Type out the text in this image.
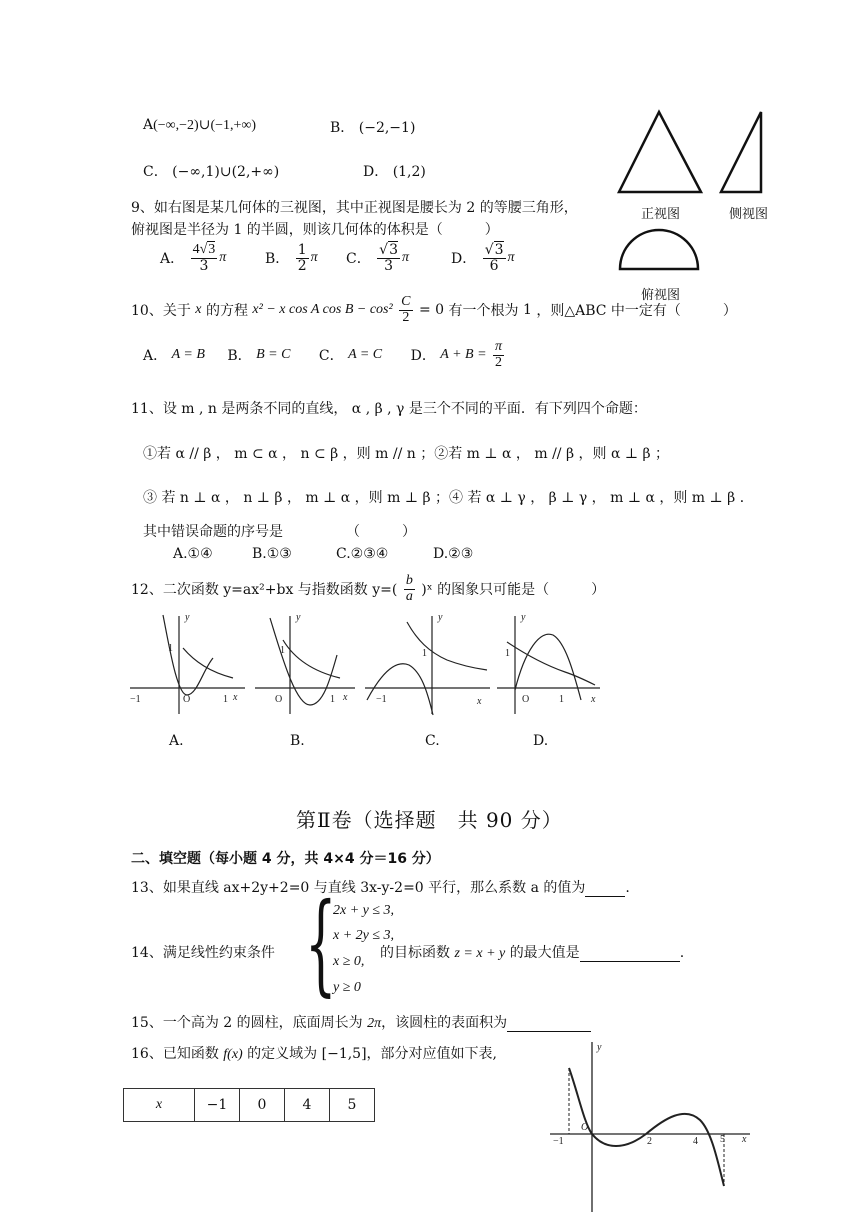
A(−∞,−2)∪(−1,+∞)	B． (−2,−1)
C． (−∞,1)∪(2,+∞)	D． (1,2)
正视图	侧视图
俯视图
9、如右图是某几何体的三视图，其中正视图是腰长为 2 的等腰三角形，
俯视图是半径为 1 的半圆，则该几何体的体积是（　　　）
A． $\frac{4√3}{3}$ π	B． $\frac{1}{2}$ π C． $\frac{√3}{3}$ π	D． $\frac{√3}{6}$ π
10、关于 x 的方程 x² − x cos A $\cos B - \cos^2 \frac{C}{2} = 0$ 有一个根为 1 ，则△ABC 中一定有（　　　）
A． A = B B． B = C C． A = C D． $A + B = \frac{\pi}{2}$
11、设 m , n 是两条不同的直线， α , β , γ 是三个不同的平面．有下列四个命题：
①若 α // β ， m ⊂ α ， n ⊂ β ，则 m // n ；②若 m ⊥ α ， m // β ，则 α ⊥ β ；
③ 若 n ⊥ α ， n ⊥ β ， m ⊥ α ，则 m ⊥ β ；④ 若 α ⊥ γ ， β ⊥ γ ， m ⊥ α ，则 m ⊥ β ．
其中错误命题的序号是　　　　　（　　　）
A.①④	B.①③	C.②③④	D.②③
12、二次函数 y=ax²+bx 与指数函数 $y=( \frac{b}{a}$ )ˣ 的图象只可能是（　　　）
y
1
−1	O	1 x
y
1
O	1 x
y
1
−1	x
y
1
O	1	x
A.	B.	C.	D.
第Ⅱ卷（选择题　共 90 分）
二、填空题（每小题 4 分，共 4×4 分＝16 分）
13、如果直线 ax+2y+2=0 与直线 3x-y-2=0 平行，那么系数 a 的值为	.
{
2x + y ≤ 3,
x + 2y ≤ 3,
x ≥ 0,
y ≥ 0
14、满足线性约束条件	的目标函数 z = x + y 的最大值是	.
15、一个高为 2 的圆柱，底面周长为 2π，该圆柱的表面积为
16、已知函数 f(x) 的定义域为 [−1,5]，部分对应值如下表,
x	−1	0	4	5
y
−1
O
2	4 5 x
